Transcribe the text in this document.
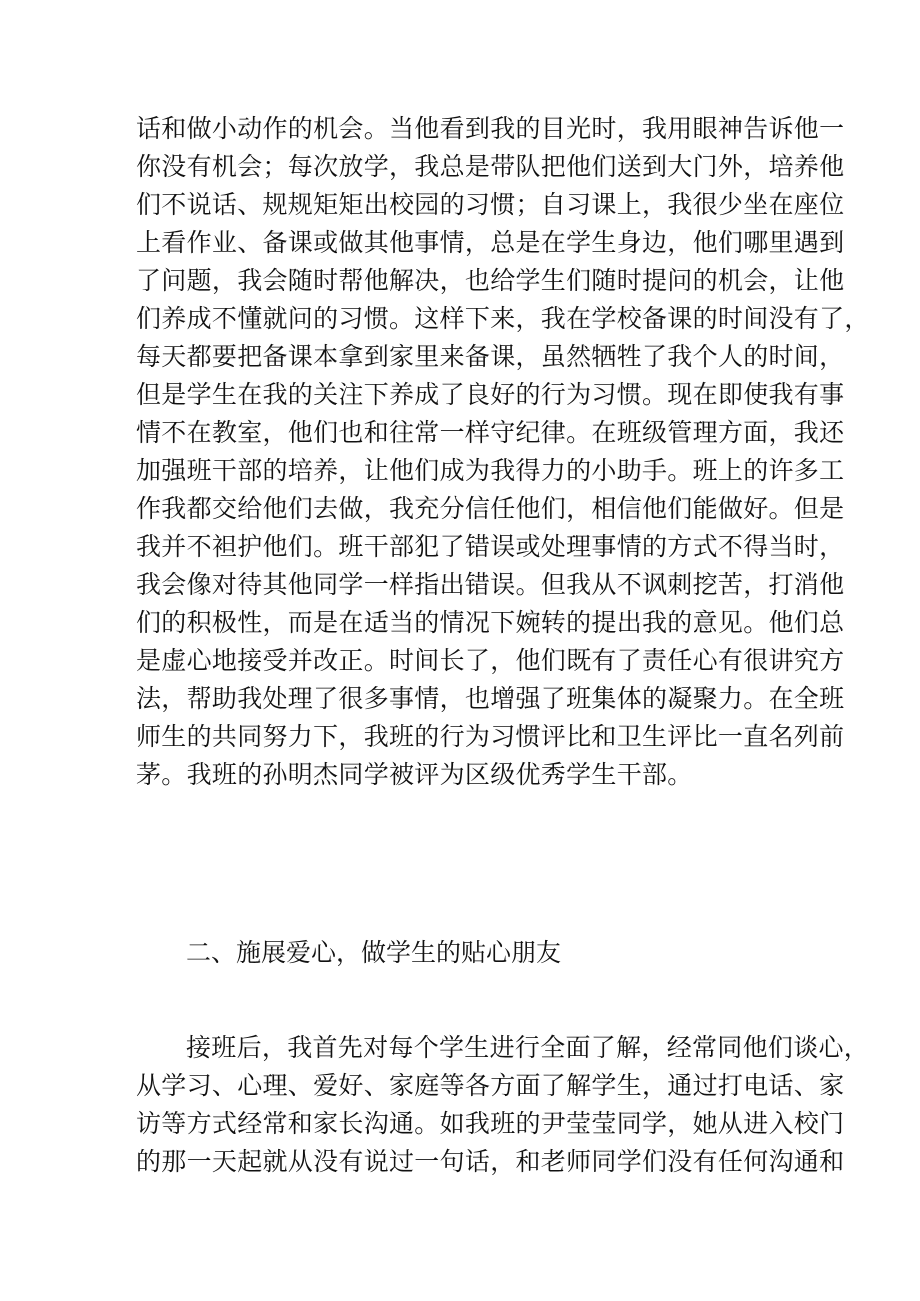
话和做小动作的机会。当他看到我的目光时，我用眼神告诉他一
你没有机会；每次放学，我总是带队把他们送到大门外，培养他
们不说话、规规矩矩出校园的习惯；自习课上，我很少坐在座位
上看作业、备课或做其他事情，总是在学生身边，他们哪里遇到
了问题，我会随时帮他解决，也给学生们随时提问的机会，让他
们养成不懂就问的习惯。这样下来，我在学校备课的时间没有了，
每天都要把备课本拿到家里来备课，虽然牺牲了我个人的时间，
但是学生在我的关注下养成了良好的行为习惯。现在即使我有事
情不在教室，他们也和往常一样守纪律。在班级管理方面，我还
加强班干部的培养，让他们成为我得力的小助手。班上的许多工
作我都交给他们去做，我充分信任他们，相信他们能做好。但是
我并不袒护他们。班干部犯了错误或处理事情的方式不得当时，
我会像对待其他同学一样指出错误。但我从不讽刺挖苦，打消他
们的积极性，而是在适当的情况下婉转的提出我的意见。他们总
是虚心地接受并改正。时间长了，他们既有了责任心有很讲究方
法，帮助我处理了很多事情，也增强了班集体的凝聚力。在全班
师生的共同努力下，我班的行为习惯评比和卫生评比一直名列前
茅。我班的孙明杰同学被评为区级优秀学生干部。
二、施展爱心，做学生的贴心朋友
接班后，我首先对每个学生进行全面了解，经常同他们谈心，
从学习、心理、爱好、家庭等各方面了解学生，通过打电话、家
访等方式经常和家长沟通。如我班的尹莹莹同学，她从进入校门
的那一天起就从没有说过一句话，和老师同学们没有任何沟通和
